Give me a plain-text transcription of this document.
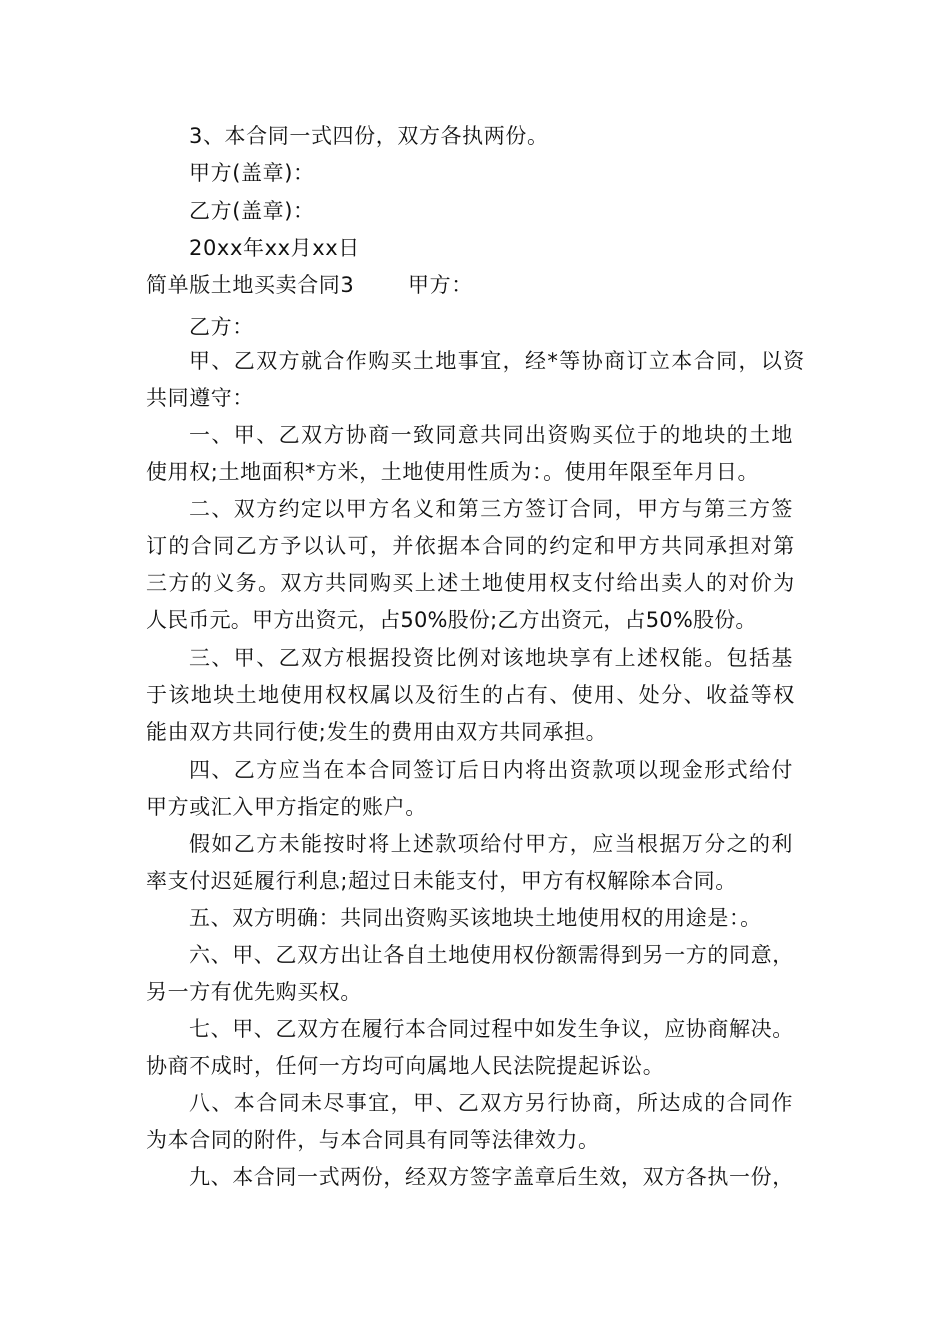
3、本合同一式四份，双方各执两份。
甲方(盖章)：
乙方(盖章)：
20xx年xx月xx日
简单版土地买卖合同3	甲方：
乙方：
甲、乙双方就合作购买土地事宜，经*等协商订立本合同，以资
共同遵守：
一、甲、乙双方协商一致同意共同出资购买位于的地块的土地
使用权;土地面积*方米，土地使用性质为：。使用年限至年月日。
二、双方约定以甲方名义和第三方签订合同，甲方与第三方签
订的合同乙方予以认可，并依据本合同的约定和甲方共同承担对第
三方的义务。双方共同购买上述土地使用权支付给出卖人的对价为
人民币元。甲方出资元，占50%股份;乙方出资元，占50%股份。
三、甲、乙双方根据投资比例对该地块享有上述权能。包括基
于该地块土地使用权权属以及衍生的占有、使用、处分、收益等权
能由双方共同行使;发生的费用由双方共同承担。
四、乙方应当在本合同签订后日内将出资款项以现金形式给付
甲方或汇入甲方指定的账户。
假如乙方未能按时将上述款项给付甲方，应当根据万分之的利
率支付迟延履行利息;超过日未能支付，甲方有权解除本合同。
五、双方明确：共同出资购买该地块土地使用权的用途是：。
六、甲、乙双方出让各自土地使用权份额需得到另一方的同意，
另一方有优先购买权。
七、甲、乙双方在履行本合同过程中如发生争议，应协商解决。
协商不成时，任何一方均可向属地人民法院提起诉讼。
八、本合同未尽事宜，甲、乙双方另行协商，所达成的合同作
为本合同的附件，与本合同具有同等法律效力。
九、本合同一式两份，经双方签字盖章后生效，双方各执一份，
